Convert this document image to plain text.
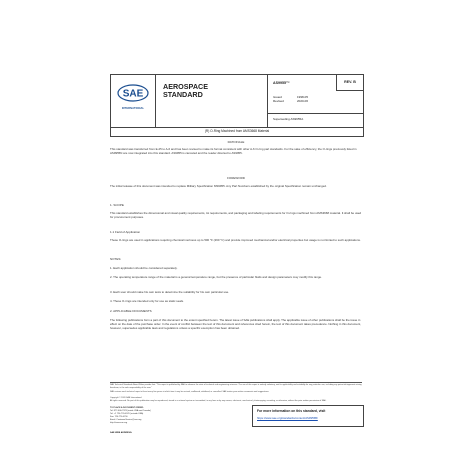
SAE
INTERNATIONAL
AEROSPACE
STANDARD
AS9955™	REV. B
Issued	1998-05
Revised	2020-06
Superseding AS9955A
(R) O-Ring Machined from AMS3668 Material
RATIONALE
This standard was transferred from E-25 to A-6 and has been revised to make its format consistent with other A-6 O-ring part standards. For the sake of efficiency, the O-rings previously listed in AS9955N are now integrated into this standard. AS9955 is canceled and the reader directed to AS9955.
FOREWORD
The initial release of this document was intended to replace Military Specification MS9955. Any Part Numbers established by the original Specification remain unchanged.
1. SCOPE
This standard establishes the dimensional and visual quality requirements, lot requirements, and packaging and labeling requirements for O-rings machined from AMS3668 material. It shall be used for procurement purposes.
1.1 Field of Application
These O-rings are used in applications requiring chemical inertness up to 500 °F (260 °C) and provide improved mechanical and/or electrical properties but usage is not limited to such applications.
NOTES:
1. Each application should be considered separately.
2. The operating temperature range of the material is a general temperature range, but the presence of particular fluids and design parameters may modify this range.
3. Each user should make his own tests to determine the suitability for his own particular use.
4. These O-rings are intended only for use as static seals.
2. APPLICABLE DOCUMENTS
The following publications form a part of this document to the extent specified herein. The latest issue of SAE publications shall apply. The applicable issue of other publications shall be the issue in effect on the date of the purchase order. In the event of conflict between the text of this document and references cited herein, the text of this document takes precedence. Nothing in this document, however, supersedes applicable laws and regulations unless a specific exemption has been obtained.
SAE Technical Standards Board Rules provide that: "This report is published by SAE to advance the state of technical and engineering sciences. The use of this report is entirely voluntary, and its applicability and suitability for any particular use, including any patent infringement arising therefrom, is the sole responsibility of the user."
SAE reviews each technical report at least every five years at which time it may be revised, reaffirmed, stabilized, or cancelled. SAE invites your written comments and suggestions.
Copyright © 2020 SAE International
All rights reserved. No part of this publication may be reproduced, stored in a retrieval system or transmitted, in any form or by any means, electronic, mechanical, photocopying, recording, or otherwise, without the prior written permission of SAE.
TO PLACE A DOCUMENT ORDER:
Tel: 877-606-7323 (inside USA and Canada)
Tel: +1 724-776-4970 (outside USA)
Fax: 724-776-0790
Email: CustomerService@sae.org
http://www.sae.org
For more information on this standard, visit
https://www.sae.org/standards/content/AS9955B/
SAE WEB ADDRESS:
